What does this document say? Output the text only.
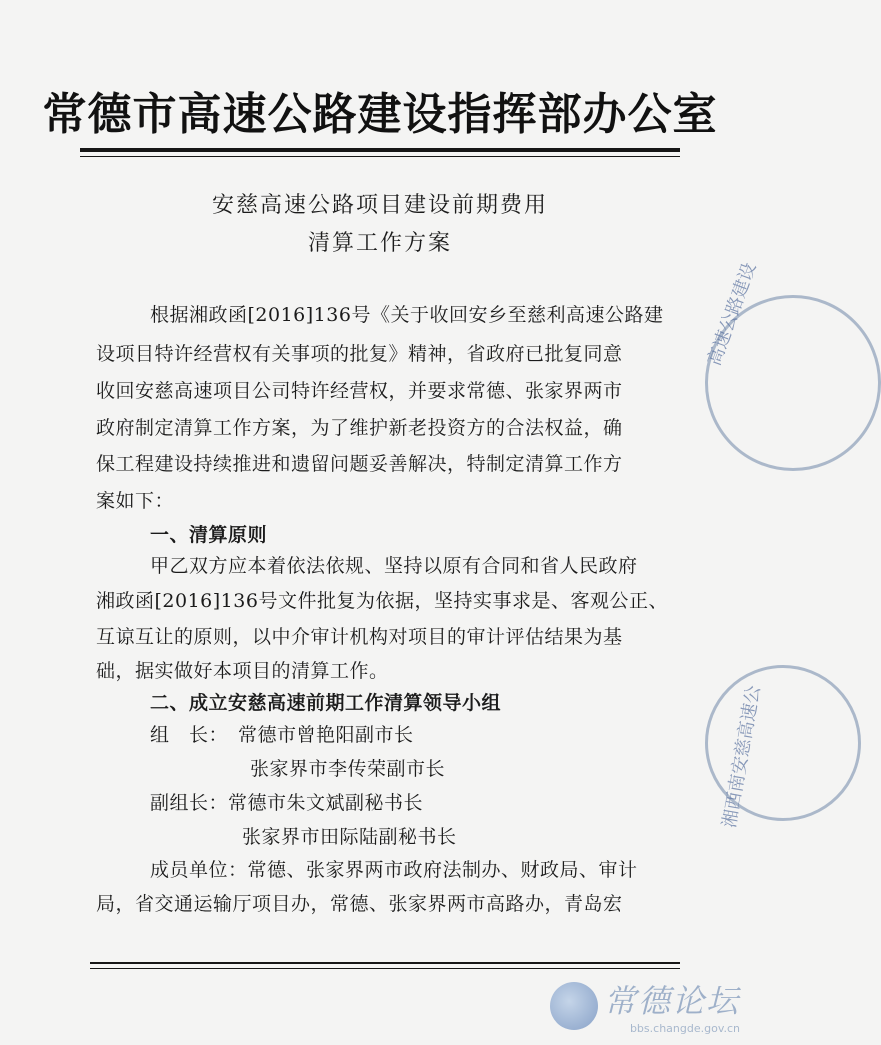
常德市高速公路建设指挥部办公室
安慈高速公路项目建设前期费用
清算工作方案
根据湘政函[2016]136号《关于收回安乡至慈利高速公路建
设项目特许经营权有关事项的批复》精神，省政府已批复同意
收回安慈高速项目公司特许经营权，并要求常德、张家界两市
政府制定清算工作方案，为了维护新老投资方的合法权益，确
保工程建设持续推进和遗留问题妥善解决，特制定清算工作方
案如下：
一、清算原则
甲乙双方应本着依法依规、坚持以原有合同和省人民政府
湘政函[2016]136号文件批复为依据，坚持实事求是、客观公正、
互谅互让的原则，以中介审计机构对项目的审计评估结果为基
础，据实做好本项目的清算工作。
二、成立安慈高速前期工作清算领导小组
组　长：　常德市曾艳阳副市长
张家界市李传荣副市长
副组长：常德市朱文斌副秘书长
张家界市田际陆副秘书长
成员单位：常德、张家界两市政府法制办、财政局、审计
局，省交通运输厅项目办，常德、张家界两市高路办，青岛宏
高速公路建设
湘西南安慈高速公
常德论坛
bbs.changde.gov.cn
